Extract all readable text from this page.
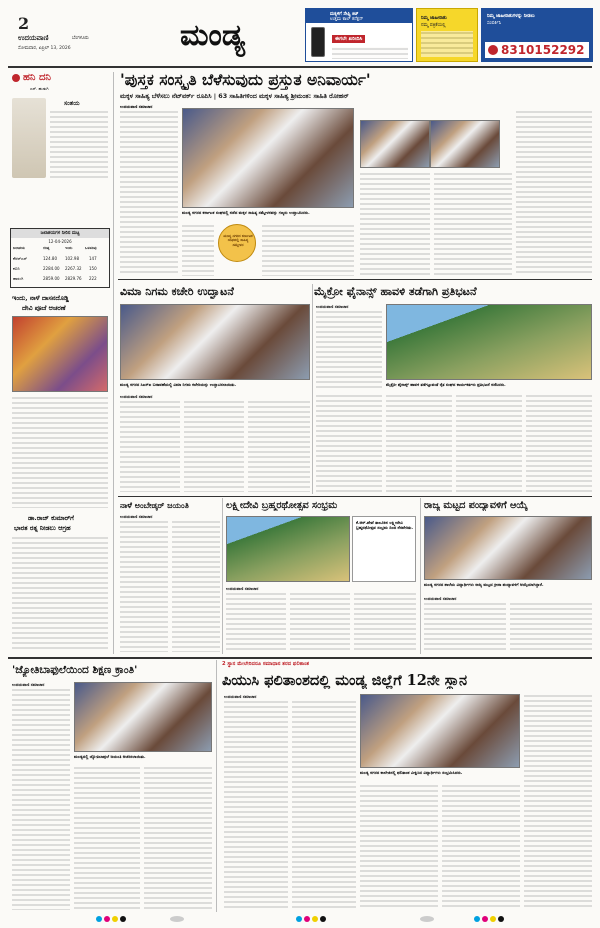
2
ಉದಯವಾಣಿ	ಬೆಂಗಳೂರು
ಸೋಮವಾರ, ಏಪ್ರಿಲ್ 13, 2026	ಮಂಡ್ಯ
ಮಕ್ಕಳಿಗೆ ಸೇಫ್ಟಿ ಕಿಟ್
ಉತ್ತಮ ಕಾಲ್ ಕನೆಕ್ಷನ್
ಈಗಲೇ ಖರೀದಿಸಿ
ನಿಮ್ಮ ಜಾಹೀರಾತು
ನಮ್ಮ ಪತ್ರಿಕೆಯಲ್ಲಿ
ನಿಮ್ಮ ಜಾಹೀರಾತುಗಳನ್ನು ನೀಡಲು
ಸಂಪರ್ಕಿಸಿ
8310152292
ಹನಿ ದನಿ
ಎಸ್. ಹುಡುಗಿ
ಸಂಶಯ
ಜಲಾಶಯಗಳ ನೀರಿನ ಮಟ್ಟ
12-04-2026
ಜಲಾಶಯ	ಗರಿಷ್ಠ	ಇಂದು	ಒಳಹರಿವು
ಕೆಆರ್‌ಎಸ್	124.80 102.98	147
ಕಬಿನಿ	2284.00 2267.32 150
ಹಾರಂಗಿ	2859.00 2829.76 222
ಇಂದು, ನಾಳೆ ದಾಸನದೊಡ್ಡಿ
ದೇವಿ ಪೂಜೆ ಆಚರಣೆ
ಡಾ.ರಾಜ್ ಕುಮಾರ್‌ಗೆ
ಭಾರತ ರತ್ನ ನೀಡಲು ಆಗ್ರಹ
'ಪುಸ್ತಕ ಸಂಸ್ಕೃತಿ ಬೆಳೆಸುವುದು ಪ್ರಸ್ತುತ ಅನಿವಾರ್ಯ'
ಮಕ್ಕಳ ಸಾಹಿತ್ಯ ಬೆಳೆಸಲು ನೆಟ್‌ವರ್ಕ್ ರೂಪಿಸಿ | 63 ಸಾಹಿತಿಗಳಿಂದ ಮಕ್ಕಳ ಸಾಹಿತ್ಯ ಶ್ರೀಮಂತ: ಸಾಹಿತಿ ರೋಹನ್
ಉದಯವಾಣಿ ಸಮಾಚಾರ
ಮಂಡ್ಯ ನಗರದ ಕರ್ನಾಟಕ ಸಂಘದಲ್ಲಿ ನಡೆದ ಮಕ್ಕಳ ಸಾಹಿತ್ಯ ಸಮ್ಮೇಳನವನ್ನು ಗಣ್ಯರು ಉದ್ಘಾಟಿಸಿದರು.
ಮಂಡ್ಯ ನಗರದ ಕರ್ನಾಟಕ ಸಂಘದಲ್ಲಿ ಸಾಹಿತ್ಯ ಸಮ್ಮೇಳನ
ವಿಮಾ ನಿಗಮ ಕಚೇರಿ ಉದ್ಘಾಟನೆ
ಮಂಡ್ಯ ನಗರದ ಸಿಎಸ್‌ಐ ಬಡಾವಣೆಯಲ್ಲಿ ವಿಮಾ ನಿಗಮ ಕಚೇರಿಯನ್ನು ಉದ್ಘಾಟಿಸಲಾಯಿತು.
ಉದಯವಾಣಿ ಸಮಾಚಾರ
ಮೈಕ್ರೋ ಫೈನಾನ್ಸ್ ಹಾವಳಿ ತಡೆಗಾಗಿ ಪ್ರತಿಭಟನೆ
ಉದಯವಾಣಿ ಸಮಾಚಾರ
ಮೈಕ್ರೋ ಫೈನಾನ್ಸ್ ಹಾವಳಿ ತಡೆಗಟ್ಟುವಂತೆ ರೈತ ಸಂಘದ ಕಾರ್ಯಕರ್ತರು ಪ್ರತಿಭಟನೆ ನಡೆಸಿದರು.
ನಾಳೆ ಅಂಬೇಡ್ಕರ್ ಜಯಂತಿ
ಉದಯವಾಣಿ ಸಮಾಚಾರ
ಲಕ್ಷ್ಮೀದೇವಿ ಬ್ರಹ್ಮರಥೋತ್ಸವ ಸಂಭ್ರಮ
ಕೆ.ಆರ್.ಪೇಟೆ ತಾಲೂಕಿನ ಲಕ್ಷ್ಮೀದೇವಿ ಬ್ರಹ್ಮರಥೋತ್ಸವ ಸಂಭ್ರಮ ದಿಂದ ನೆರವೇರಿತು.
ಉದಯವಾಣಿ ಸಮಾಚಾರ
ರಾಜ್ಯ ಮಟ್ಟದ ಪಂದ್ಯಾವಳಿಗೆ ಆಯ್ಕೆ
ಮಂಡ್ಯ ನಗರದ ಶಾಲೆಯ ವಿದ್ಯಾರ್ಥಿಗಳು ರಾಜ್ಯ ಮಟ್ಟದ ಕ್ರೀಡಾ ಪಂದ್ಯಾವಳಿಗೆ ಆಯ್ಕೆಯಾಗಿದ್ದಾರೆ.
ಉದಯವಾಣಿ ಸಮಾಚಾರ
'ಜ್ಯೋತಿಬಾಫುಲೆಯಿಂದ ಶಿಕ್ಷಣ ಕ್ರಾಂತಿ'
ಉದಯವಾಣಿ ಸಮಾಚಾರ
ಮಂಡ್ಯದಲ್ಲಿ ಜ್ಯೋತಿಬಾಫುಲೆ ಜಯಂತಿ ಆಚರಿಸಲಾಯಿತು.
2 ಸ್ಥಾನ ಮೇಲೇರಿದರೂ ಸಮಾಧಾನ ತರದ ಫಲಿತಾಂಶ
ಪಿಯುಸಿ ಫಲಿತಾಂಶದಲ್ಲಿ ಮಂಡ್ಯ ಜಿಲ್ಲೆಗೆ 12ನೇ ಸ್ಥಾನ
ಉದಯವಾಣಿ ಸಮಾಚಾರ
ಮಂಡ್ಯ ನಗರದ ಕಾಲೇಜಿನಲ್ಲಿ ಫಲಿತಾಂಶ ವೀಕ್ಷಿಸಿದ ವಿದ್ಯಾರ್ಥಿಗಳು ಸಂಭ್ರಮಿಸಿದರು.
